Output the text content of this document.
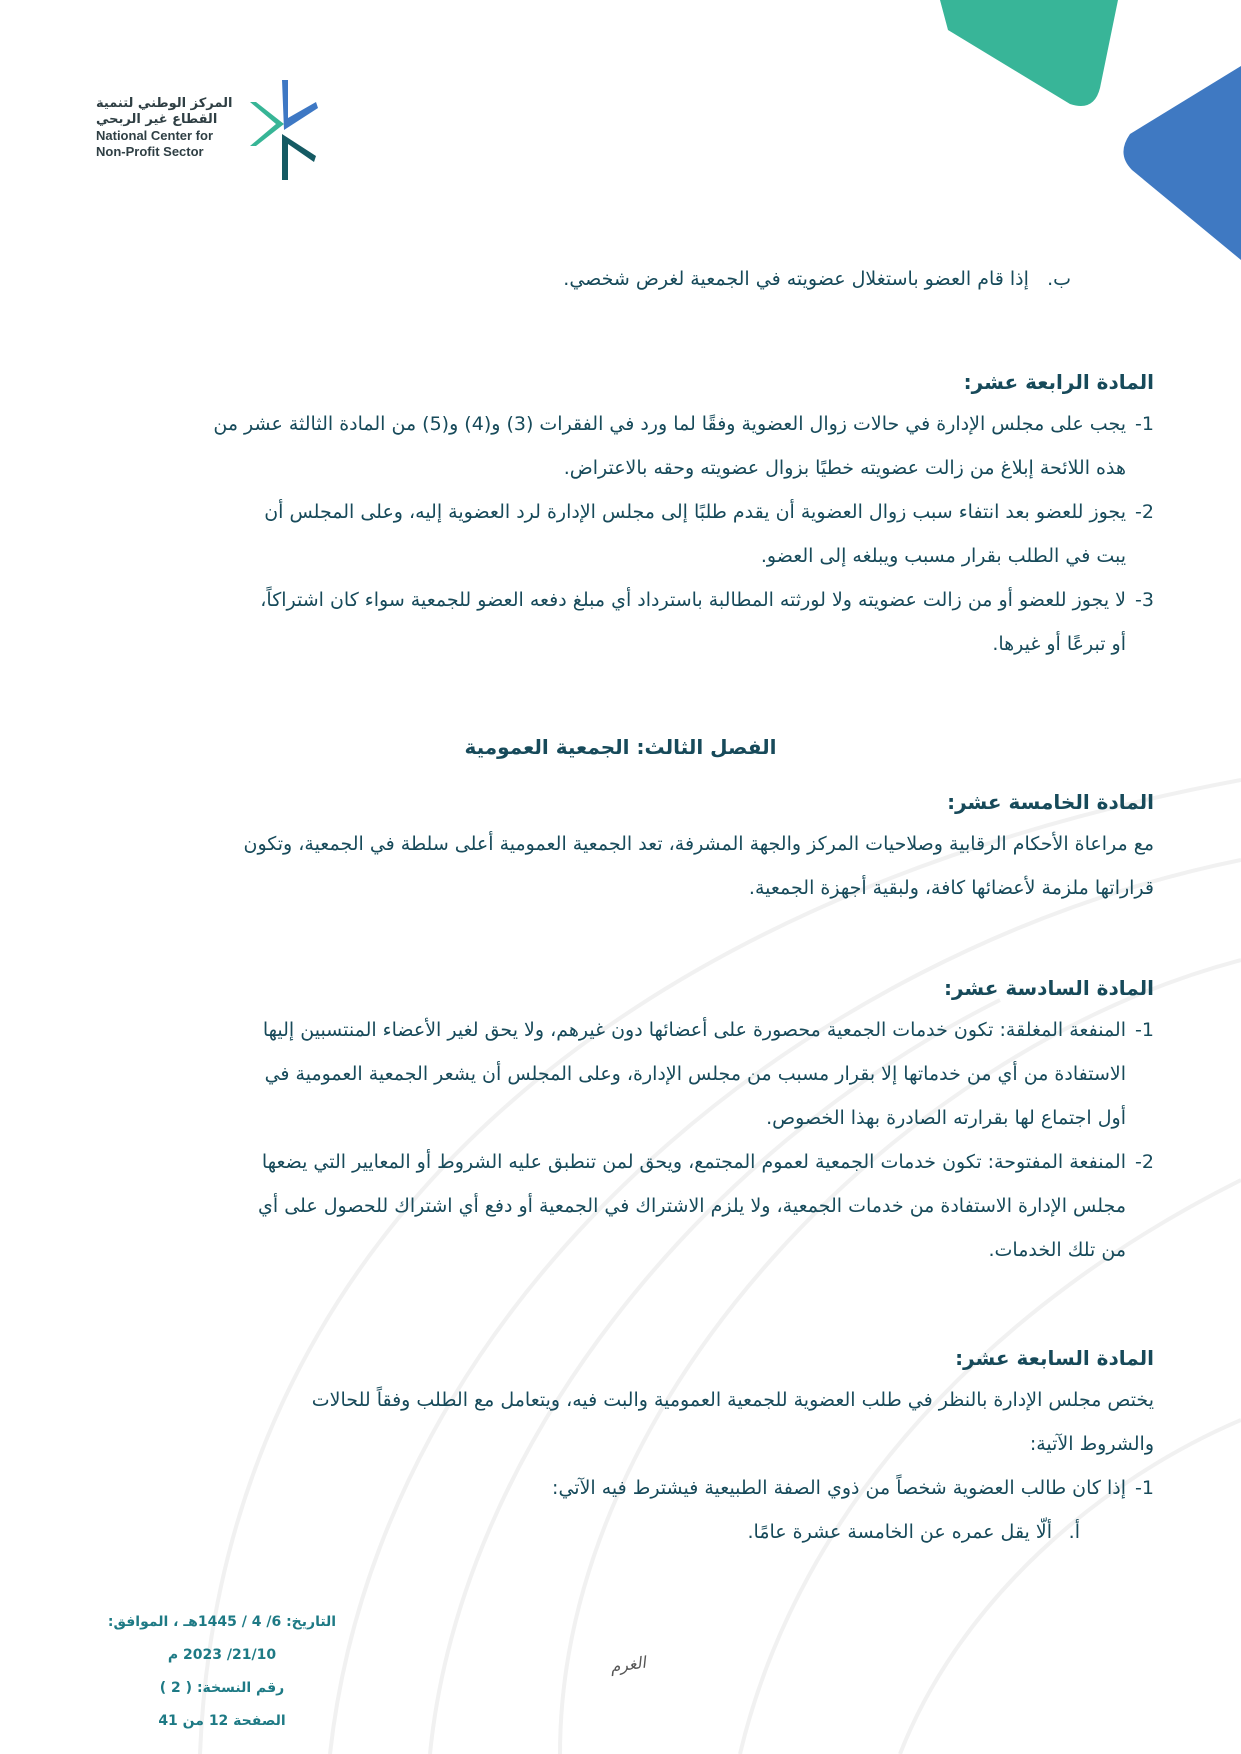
المركز الوطني لتنمية
القطاع غير الربحي
National Center for
Non-Profit Sector
ب.   إذا قام العضو باستغلال عضويته في الجمعية لغرض شخصي.
المادة الرابعة عشر:
1-
يجب على مجلس الإدارة في حالات زوال العضوية وفقًا لما ورد في الفقرات (3) و(4) و(5) من المادة الثالثة عشر من
هذه اللائحة إبلاغ من زالت عضويته خطيًا بزوال عضويته وحقه بالاعتراض.
2-
يجوز للعضو بعد انتفاء سبب زوال العضوية أن يقدم طلبًا إلى مجلس الإدارة لرد العضوية إليه، وعلى المجلس أن
يبت في الطلب بقرار مسبب ويبلغه إلى العضو.
3-
لا يجوز للعضو أو من زالت عضويته ولا لورثته المطالبة باسترداد أي مبلغ دفعه العضو للجمعية سواء كان اشتراكاً،
أو تبرعًا أو غيرها.
الفصل الثالث: الجمعية العمومية
المادة الخامسة عشر:
مع مراعاة الأحكام الرقابية وصلاحيات المركز والجهة المشرفة، تعد الجمعية العمومية أعلى سلطة في الجمعية، وتكون
قراراتها ملزمة لأعضائها كافة، ولبقية أجهزة الجمعية.
المادة السادسة عشر:
1-
المنفعة المغلقة: تكون خدمات الجمعية محصورة على أعضائها دون غيرهم، ولا يحق لغير الأعضاء المنتسبين إليها
الاستفادة من أي من خدماتها إلا بقرار مسبب من مجلس الإدارة، وعلى المجلس أن يشعر الجمعية العمومية في
أول اجتماع لها بقرارته الصادرة بهذا الخصوص.
2-
المنفعة المفتوحة: تكون خدمات الجمعية لعموم المجتمع، ويحق لمن تنطبق عليه الشروط أو المعايير التي يضعها
مجلس الإدارة الاستفادة من خدمات الجمعية، ولا يلزم الاشتراك في الجمعية أو دفع أي اشتراك للحصول على أي
من تلك الخدمات.
المادة السابعة عشر:
يختص مجلس الإدارة بالنظر في طلب العضوية للجمعية العمومية والبت فيه، ويتعامل مع الطلب وفقاً للحالات
والشروط الآتية:
1-
إذا كان طالب العضوية شخصاً من ذوي الصفة الطبيعية فيشترط فيه الآتي:
أ.
ألّا يقل عمره عن الخامسة عشرة عامًا.
التاريخ: 6/ 4 / 1445هـ ، الموافق: 21/10/ 2023 م
رقم النسخة: ( 2 )
الصفحة 12 من 41
الغرم
